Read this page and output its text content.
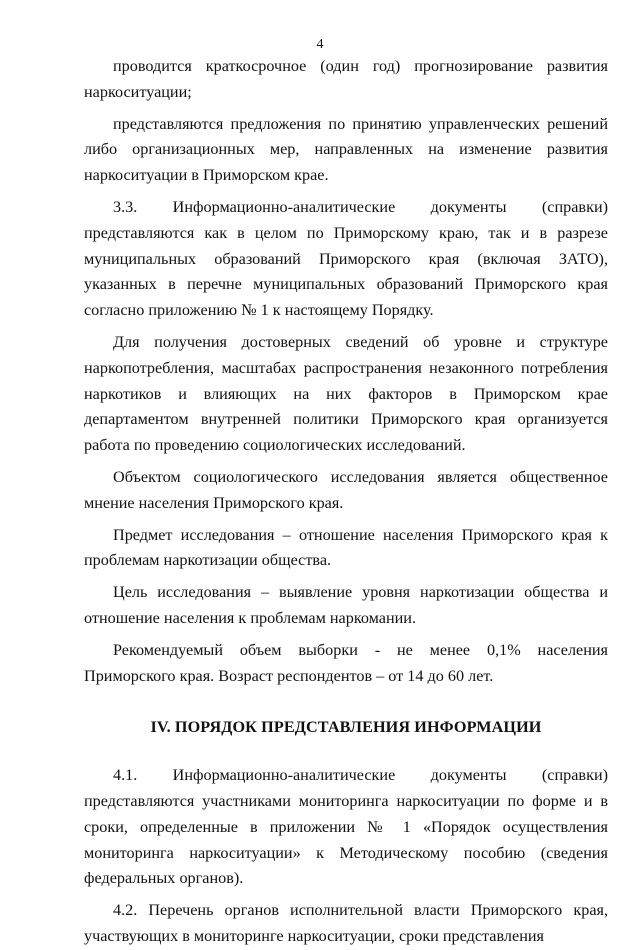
4

проводится краткосрочное (один год) прогнозирование развития наркоситуации;

представляются предложения по принятию управленческих решений либо организационных мер, направленных на изменение развития наркоситуации в Приморском крае.

3.3. Информационно-аналитические документы (справки) представляются как в целом по Приморскому краю, так и в разрезе муниципальных образований Приморского края (включая ЗАТО), указанных в перечне муниципальных образований Приморского края согласно приложению № 1 к настоящему Порядку.

Для получения достоверных сведений об уровне и структуре наркопотребления, масштабах распространения незаконного потребления наркотиков и влияющих на них факторов в Приморском крае департаментом внутренней политики Приморского края организуется работа по проведению социологических исследований.

Объектом социологического исследования является общественное мнение населения Приморского края.

Предмет исследования – отношение населения Приморского края к проблемам наркотизации общества.

Цель исследования – выявление уровня наркотизации общества и отношение населения к проблемам наркомании.

Рекомендуемый объем выборки - не менее 0,1% населения Приморского края. Возраст респондентов – от 14 до 60 лет.

IV. ПОРЯДОК ПРЕДСТАВЛЕНИЯ ИНФОРМАЦИИ

4.1. Информационно-аналитические документы (справки) представляются участниками мониторинга наркоситуации по форме и в сроки, определенные в приложении № 1 «Порядок осуществления мониторинга наркоситуации» к Методическому пособию (сведения федеральных органов).

4.2. Перечень органов исполнительной власти Приморского края, участвующих в мониторинге наркоситуации, сроки представления
